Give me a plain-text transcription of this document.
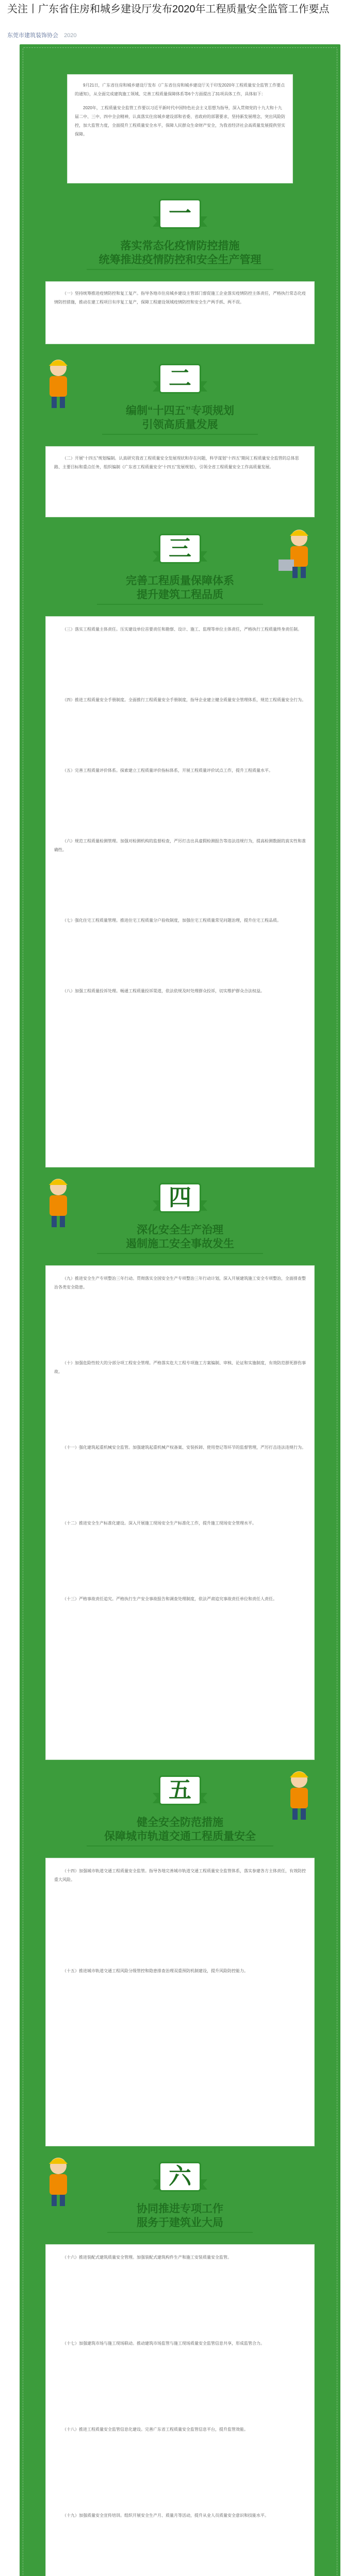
关注丨广东省住房和城乡建设厅发布2020年工程质量安全监管工作要点
东莞市建筑装饰协会 2020

9月21日，广东省住房和城乡建设厅发布《广东省住房和城乡建设厅关于印发2020年工程质量安全监管工作要点的通知》，从全面完成建筑施工领域、完善工程质量保障体系等6个方面提出了31项具体工作，具体如下：

2020年，工程质量安全监管工作要以习近平新时代中国特色社会主义思想为指导，深入贯彻党的十九大和十九届二中、三中、四中全会精神，认真落实住房城乡建设部和省委、省政府的部署要求，坚持新发展理念，突出风险防控，加大监管力度，全面提升工程质量安全水平，保障人民群众生命财产安全，为我省经济社会高质量发展提供坚实保障。

一
落实常态化疫情防控措施
统筹推进疫情防控和安全生产管理

（一）坚持统筹推进疫情防控和复工复产。指导各地市住房城乡建设主管部门督促施工企业落实疫情防控主体责任，严格执行常态化疫情防控措施，推动在建工程项目有序复工复产，保障工程建设领域疫情防控和安全生产两手抓、两不误。

二
编制“十四五”专项规划
引领高质量发展

（二）开展“十四五”规划编制。认真研究我省工程质量安全发展现状和存在问题，科学谋划“十四五”期间工程质量安全监管的总体思路、主要目标和重点任务，组织编制《广东省工程质量安全“十四五”发展规划》，引领全省工程质量安全工作高质量发展。

三
完善工程质量保障体系
提升建筑工程品质

（三）落实工程质量主体责任。压实建设单位首要责任和勘察、设计、施工、监理等单位主体责任，严格执行工程质量终身责任制。

（四）推进工程质量安全手册制度。全面推行工程质量安全手册制度，指导企业建立健全质量安全管理体系，规范工程质量安全行为。

（五）完善工程质量评价体系。探索建立工程质量评价指标体系，开展工程质量评价试点工作，提升工程质量水平。

（六）规范工程质量检测管理。加强对检测机构的监督检查，严厉打击出具虚假检测报告等违法违规行为，提高检测数据的真实性和准确性。

（七）强化住宅工程质量管理。推进住宅工程质量分户验收制度，加强住宅工程质量常见问题治理，提升住宅工程品质。

（八）加强工程质量投诉处理。畅通工程质量投诉渠道，依法依规及时处理群众投诉，切实维护群众合法权益。

四
深化安全生产治理
遏制施工安全事故发生

（九）推进安全生产专项整治三年行动。贯彻落实全国安全生产专项整治三年行动计划，深入开展建筑施工安全专项整治，全面排查整治各类安全隐患。

（十）加强危险性较大的分部分项工程安全管理。严格落实危大工程专项施工方案编制、审核、论证和实施制度，有效防范群死群伤事故。

（十一）强化建筑起重机械安全监管。加强建筑起重机械产权备案、安装拆卸、使用登记等环节的监督管理，严厉打击违法违规行为。

（十二）推进安全生产标准化建设。深入开展施工现场安全生产标准化工作，提升施工现场安全管理水平。

（十三）严格事故责任追究。严格执行生产安全事故报告和调查处理制度，依法严肃追究事故责任单位和责任人责任。

五
健全安全防范措施
保障城市轨道交通工程质量安全

（十四）加强城市轨道交通工程质量安全监管。指导各地完善城市轨道交通工程质量安全监管体系，落实参建各方主体责任，有效防控重大风险。

（十五）推进城市轨道交通工程风险分级管控和隐患排查治理双重预防机制建设，提升风险防控能力。

六
协同推进专项工作
服务于建筑业大局

（十六）推进装配式建筑质量安全管理。加强装配式建筑构件生产和施工安装质量安全监管。

（十七）加强建筑市场与施工现场联动。推动建筑市场监管与施工现场质量安全监管信息共享，形成监管合力。

（十八）推进工程质量安全监管信息化建设。完善广东省工程质量安全监管信息平台，提升监管效能。

（十九）加强质量安全宣传培训。组织开展安全生产月、质量月等活动，提升从业人员质量安全意识和技能水平。
